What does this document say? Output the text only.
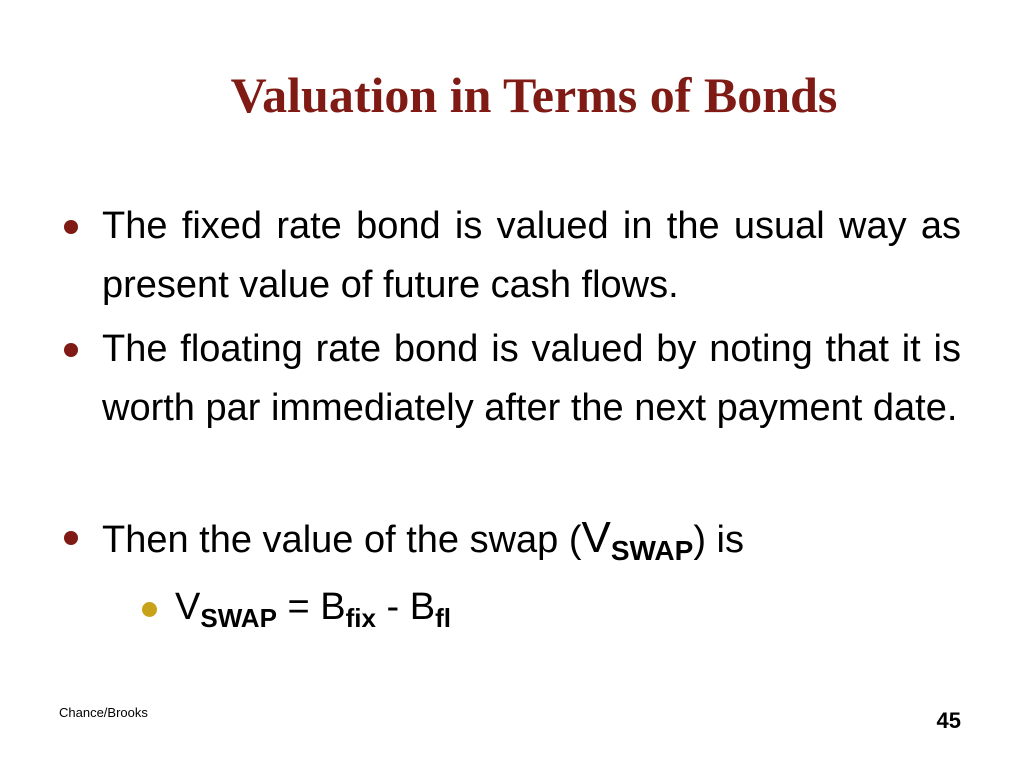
Valuation in Terms of Bonds
The fixed rate bond is valued in the usual way as present value of future cash flows.
The floating rate bond is valued by noting that it is worth par immediately after the next payment date.
Then the value of the swap $(V_{SWAP})$ is
$V_{SWAP} = B_{fix} - B_{fl}$
Chance/Brooks	45
